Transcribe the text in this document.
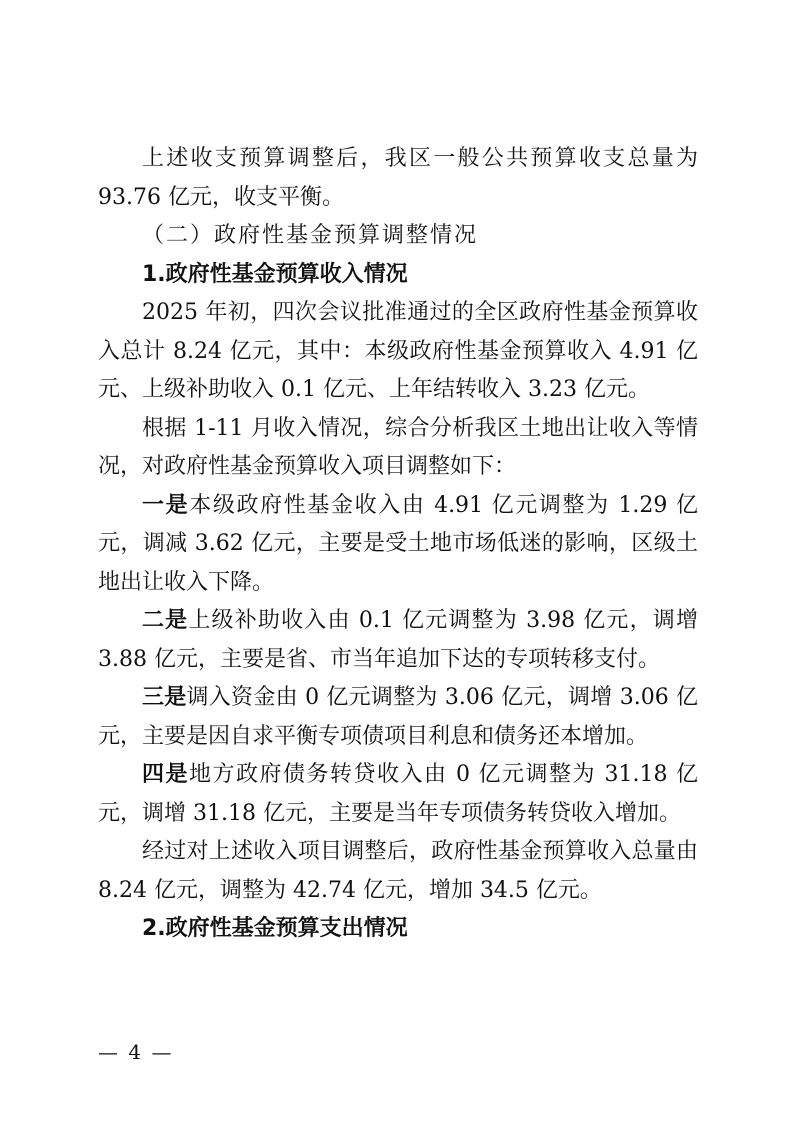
上述收支预算调整后，我区一般公共预算收支总量为 93.76 亿元，收支平衡。

（二）政府性基金预算调整情况

1.政府性基金预算收入情况

2025 年初，四次会议批准通过的全区政府性基金预算收入总计 8.24 亿元，其中：本级政府性基金预算收入 4.91 亿元、上级补助收入 0.1 亿元、上年结转收入 3.23 亿元。

根据 1-11 月收入情况，综合分析我区土地出让收入等情况，对政府性基金预算收入项目调整如下：

一是本级政府性基金收入由 4.91 亿元调整为 1.29 亿元，调减 3.62 亿元，主要是受土地市场低迷的影响，区级土地出让收入下降。

二是上级补助收入由 0.1 亿元调整为 3.98 亿元，调增 3.88 亿元，主要是省、市当年追加下达的专项转移支付。

三是调入资金由 0 亿元调整为 3.06 亿元，调增 3.06 亿元，主要是因自求平衡专项债项目利息和债务还本增加。

四是地方政府债务转贷收入由 0 亿元调整为 31.18 亿元，调增 31.18 亿元，主要是当年专项债务转贷收入增加。

经过对上述收入项目调整后，政府性基金预算收入总量由 8.24 亿元，调整为 42.74 亿元，增加 34.5 亿元。

2.政府性基金预算支出情况

— 4 —
